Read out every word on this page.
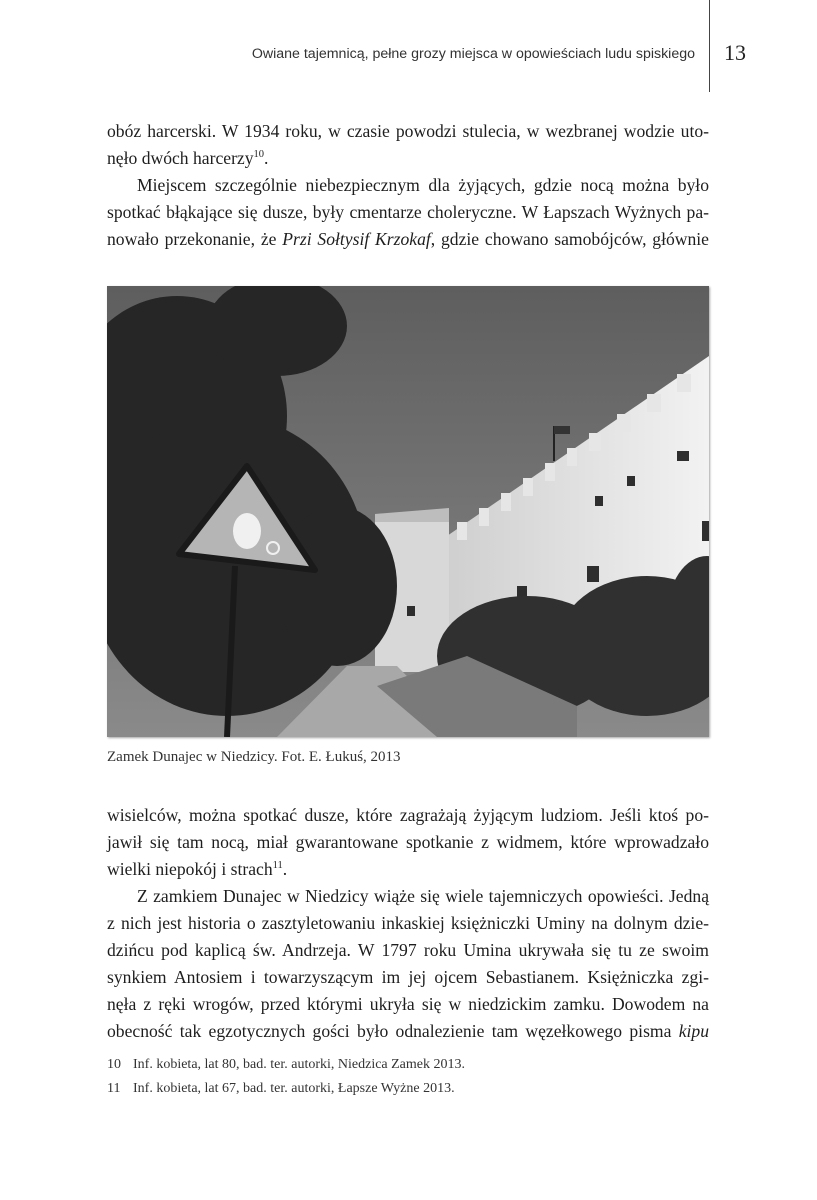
Owiane tajemnicą, pełne grozy miejsca w opowieściach ludu spiskiego 13

obóz harcerski. W 1934 roku, w czasie powodzi stulecia, w wezbranej wodzie uto-
nęło dwóch harcerzy$^{10}$.

Miejscem szczególnie niebezpiecznym dla żyjących, gdzie nocą można było
spotkać błąkające się dusze, były cmentarze choleryczne. W Łapszach Wyżnych pa-
nowało przekonanie, że Przi Sołtysif Krzokaf, gdzie chowano samobójców, głównie

Zamek Dunajec w Niedzicy. Fot. E. Łukuś, 2013

wisielców, można spotkać dusze, które zagrażają żyjącym ludziom. Jeśli ktoś po-
jawił się tam nocą, miał gwarantowane spotkanie z widmem, które wprowadzało
wielki niepokój i strach$^{11}$.

Z zamkiem Dunajec w Niedzicy wiąże się wiele tajemniczych opowieści. Jedną
z nich jest historia o zasztyletowaniu inkaskiej księżniczki Uminy na dolnym dzie-
dzińcu pod kaplicą św. Andrzeja. W 1797 roku Umina ukrywała się tu ze swoim
synkiem Antosiem i towarzyszącym im jej ojcem Sebastianem. Księżniczka zgi-
nęła z ręki wrogów, przed którymi ukryła się w niedzickim zamku. Dowodem na
obecność tak egzotycznych gości było odnalezienie tam węzełkowego pisma kipu

10 Inf. kobieta, lat 80, bad. ter. autorki, Niedzica Zamek 2013.
11 Inf. kobieta, lat 67, bad. ter. autorki, Łapsze Wyżne 2013.
